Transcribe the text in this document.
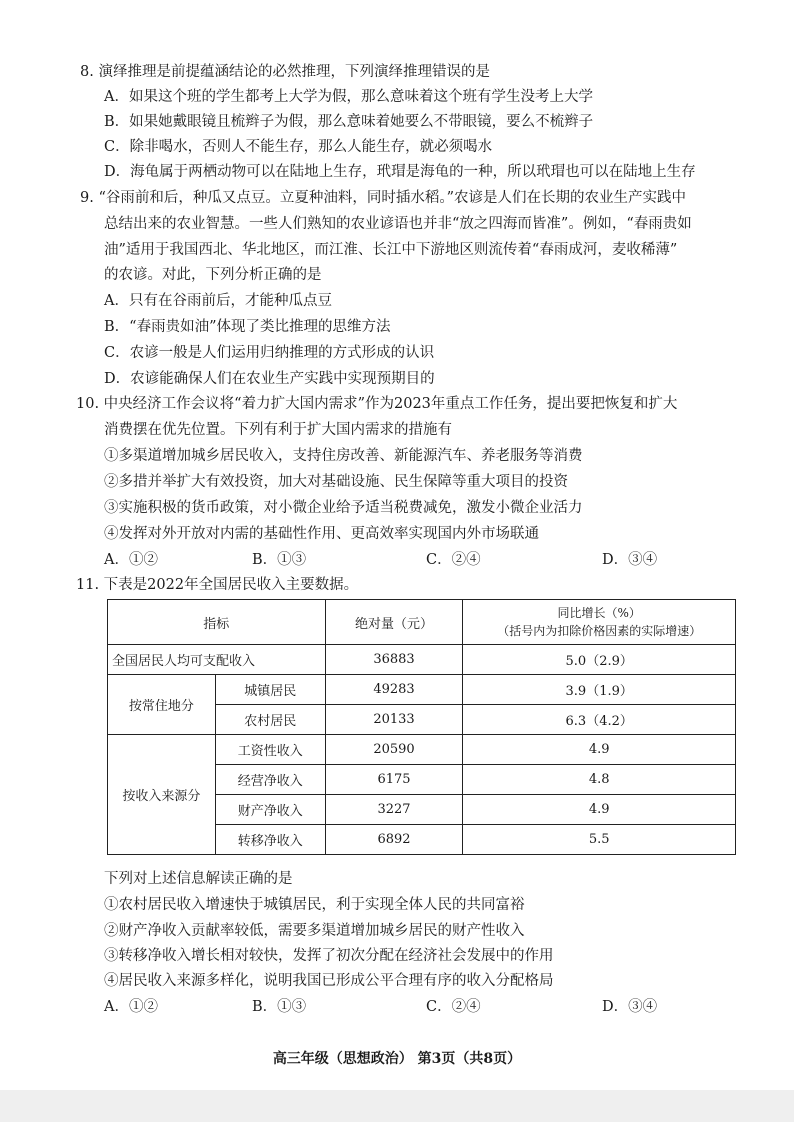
8. 演绎推理是前提蕴涵结论的必然推理，下列演绎推理错误的是
A．如果这个班的学生都考上大学为假，那么意味着这个班有学生没考上大学
B．如果她戴眼镜且梳辫子为假，那么意味着她要么不带眼镜，要么不梳辫子
C．除非喝水，否则人不能生存，那么人能生存，就必须喝水
D．海龟属于两栖动物可以在陆地上生存，玳瑁是海龟的一种，所以玳瑁也可以在陆地上生存
9. “谷雨前和后，种瓜又点豆。立夏种油料，同时插水稻。”农谚是人们在长期的农业生产实践中
总结出来的农业智慧。一些人们熟知的农业谚语也并非“放之四海而皆准”。例如，“春雨贵如
油”适用于我国西北、华北地区，而江淮、长江中下游地区则流传着“春雨成河，麦收稀薄”
的农谚。对此，下列分析正确的是
A．只有在谷雨前后，才能种瓜点豆
B．“春雨贵如油”体现了类比推理的思维方法
C．农谚一般是人们运用归纳推理的方式形成的认识
D．农谚能确保人们在农业生产实践中实现预期目的
10. 中央经济工作会议将“着力扩大国内需求”作为2023年重点工作任务，提出要把恢复和扩大
消费摆在优先位置。下列有利于扩大国内需求的措施有
①多渠道增加城乡居民收入，支持住房改善、新能源汽车、养老服务等消费
②多措并举扩大有效投资，加大对基础设施、民生保障等重大项目的投资
③实施积极的货币政策，对小微企业给予适当税费减免，激发小微企业活力
④发挥对外开放对内需的基础性作用、更高效率实现国内外市场联通
A．①②	B．①③	C．②④	D．③④
11. 下表是2022年全国居民收入主要数据。
指标		绝对量（元）	同比增长（%）
（括号内为扣除价格因素的实际增速）

全国居民人均可支配收入		36883	5.0（2.9）
按常住地分	城镇居民	49283	3.9（1.9）
	农村居民	20133	6.3（4.2）
按收入来源分	工资性收入	20590	4.9
	经营净收入	6175	4.8
	财产净收入	3227	4.9
	转移净收入	6892	5.5
下列对上述信息解读正确的是
①农村居民收入增速快于城镇居民，利于实现全体人民的共同富裕
②财产净收入贡献率较低，需要多渠道增加城乡居民的财产性收入
③转移净收入增长相对较快，发挥了初次分配在经济社会发展中的作用
④居民收入来源多样化，说明我国已形成公平合理有序的收入分配格局
A．①②	B．①③	C．②④	D．③④
高三年级（思想政治） 第3页（共8页）
